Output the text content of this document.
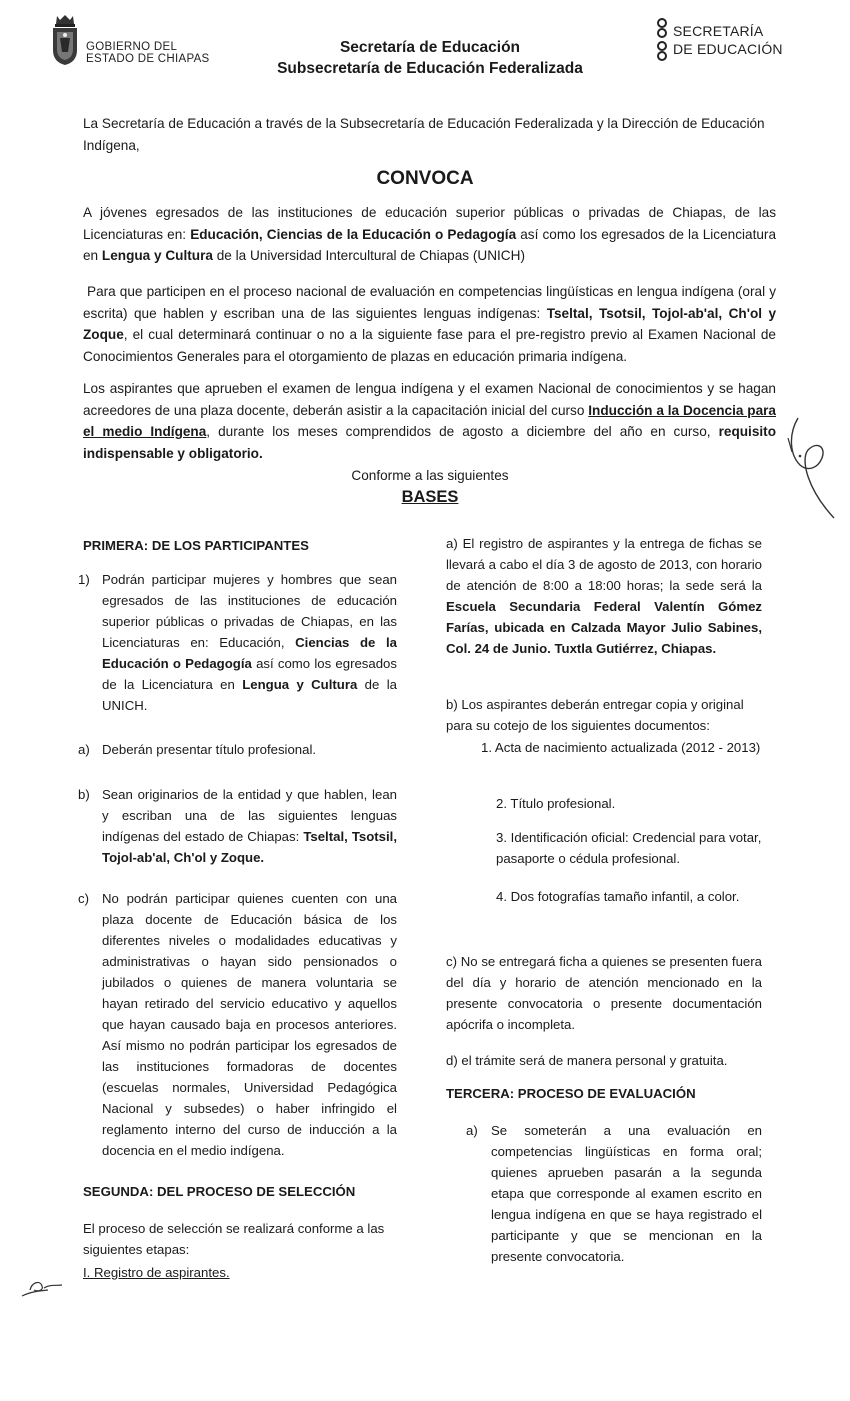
GOBIERNO DEL
ESTADO DE CHIAPAS
Secretaría de Educación
Subsecretaría de Educación Federalizada
SECRETARÍA
DE EDUCACIÓN
La Secretaría de Educación a través de la Subsecretaría de Educación Federalizada y la Dirección de Educación Indígena,
CONVOCA
A jóvenes egresados de las instituciones de educación superior públicas o privadas de Chiapas, de las Licenciaturas en: Educación, Ciencias de la Educación o Pedagogía así como los egresados de la Licenciatura en Lengua y Cultura de la Universidad Intercultural de Chiapas (UNICH)
Para que participen en el proceso nacional de evaluación en competencias lingüísticas en lengua indígena (oral y escrita) que hablen y escriban una de las siguientes lenguas indígenas: Tseltal, Tsotsil, Tojol-ab'al, Ch'ol y Zoque, el cual determinará continuar o no a la siguiente fase para el pre-registro previo al Examen Nacional de Conocimientos Generales para el otorgamiento de plazas en educación primaria indígena.
Los aspirantes que aprueben el examen de lengua indígena y el examen Nacional de conocimientos y se hagan acreedores de una plaza docente, deberán asistir a la capacitación inicial del curso Inducción a la Docencia para el medio Indígena, durante los meses comprendidos de agosto a diciembre del año en curso, requisito indispensable y obligatorio.
Conforme a las siguientes
BASES
PRIMERA: DE LOS PARTICIPANTES
1) Podrán participar mujeres y hombres que sean egresados de las instituciones de educación superior públicas o privadas de Chiapas, en las Licenciaturas en: Educación, Ciencias de la Educación o Pedagogía así como los egresados de la Licenciatura en Lengua y Cultura de la UNICH.
a) Deberán presentar título profesional.
b) Sean originarios de la entidad y que hablen, lean y escriban una de las siguientes lenguas indígenas del estado de Chiapas: Tseltal, Tsotsil, Tojol-ab'al, Ch'ol y Zoque.
c) No podrán participar quienes cuenten con una plaza docente de Educación básica de los diferentes niveles o modalidades educativas y administrativas o hayan sido pensionados o jubilados o quienes de manera voluntaria se hayan retirado del servicio educativo y aquellos que hayan causado baja en procesos anteriores. Así mismo no podrán participar los egresados de las instituciones formadoras de docentes (escuelas normales, Universidad Pedagógica Nacional y subsedes) o haber infringido el reglamento interno del curso de inducción a la docencia en el medio indígena.
SEGUNDA: DEL PROCESO DE SELECCIÓN
El proceso de selección se realizará conforme a las siguientes etapas:
I. Registro de aspirantes.
a) El registro de aspirantes y la entrega de fichas se llevará a cabo el día 3 de agosto de 2013, con horario de atención de 8:00 a 18:00 horas; la sede será la Escuela Secundaria Federal Valentín Gómez Farías, ubicada en Calzada Mayor Julio Sabines, Col. 24 de Junio. Tuxtla Gutiérrez, Chiapas.
b) Los aspirantes deberán entregar copia y original para su cotejo de los siguientes documentos:
1. Acta de nacimiento actualizada (2012 - 2013)
2. Título profesional.
3. Identificación oficial: Credencial para votar, pasaporte o cédula profesional.
4. Dos fotografías tamaño infantil, a color.
c) No se entregará ficha a quienes se presenten fuera del día y horario de atención mencionado en la presente convocatoria o presente documentación apócrifa o incompleta.
d) el trámite será de manera personal y gratuita.
TERCERA: PROCESO DE EVALUACIÓN
a) Se someterán a una evaluación en competencias lingüísticas en forma oral; quienes aprueben pasarán a la segunda etapa que corresponde al examen escrito en lengua indígena en que se haya registrado el participante y que se mencionan en la presente convocatoria.
